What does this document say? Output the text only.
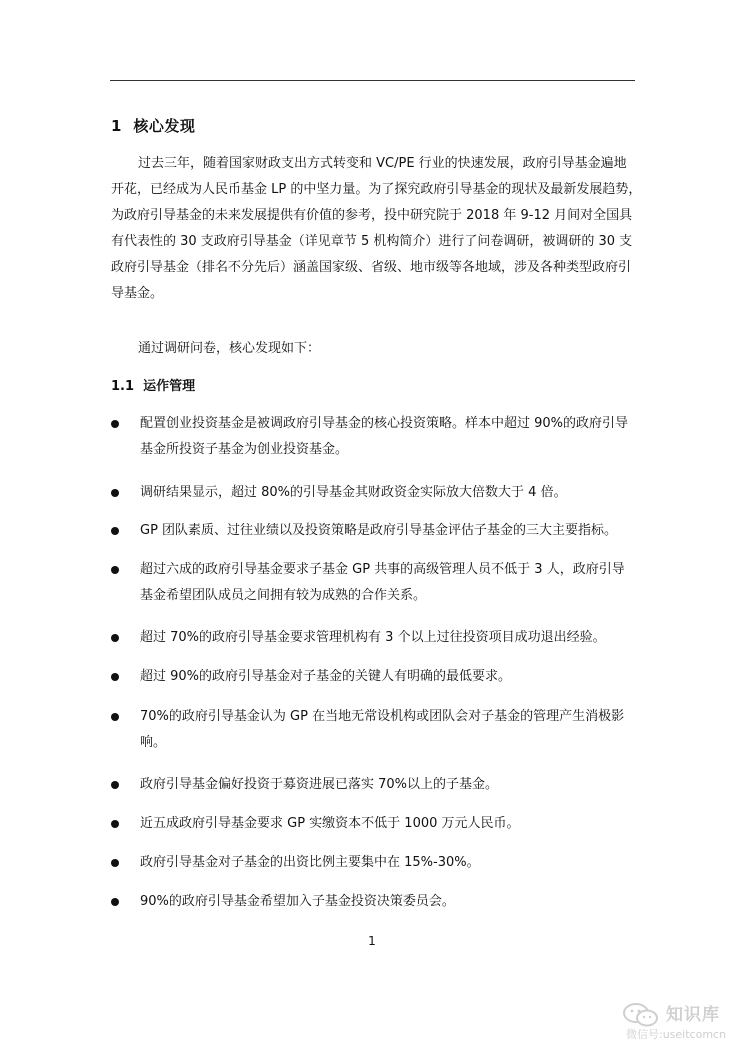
1 核心发现
过去三年，随着国家财政支出方式转变和 VC/PE 行业的快速发展，政府引导基金遍地
开花，已经成为人民币基金 LP 的中坚力量。为了探究政府引导基金的现状及最新发展趋势，
为政府引导基金的未来发展提供有价值的参考，投中研究院于 2018 年 9-12 月间对全国具
有代表性的 30 支政府引导基金（详见章节 5 机构简介）进行了问卷调研，被调研的 30 支
政府引导基金（排名不分先后）涵盖国家级、省级、地市级等各地域，涉及各种类型政府引
导基金。
通过调研问卷，核心发现如下：
1.1 运作管理
配置创业投资基金是被调政府引导基金的核心投资策略。样本中超过 90%的政府引导
基金所投资子基金为创业投资基金。
调研结果显示，超过 80%的引导基金其财政资金实际放大倍数大于 4 倍。
GP 团队素质、过往业绩以及投资策略是政府引导基金评估子基金的三大主要指标。
超过六成的政府引导基金要求子基金 GP 共事的高级管理人员不低于 3 人，政府引导
基金希望团队成员之间拥有较为成熟的合作关系。
超过 70%的政府引导基金要求管理机构有 3 个以上过往投资项目成功退出经验。
超过 90%的政府引导基金对子基金的关键人有明确的最低要求。
70%的政府引导基金认为 GP 在当地无常设机构或团队会对子基金的管理产生消极影
响。
政府引导基金偏好投资于募资进展已落实 70%以上的子基金。
近五成政府引导基金要求 GP 实缴资本不低于 1000 万元人民币。
政府引导基金对子基金的出资比例主要集中在 15%-30%。
90%的政府引导基金希望加入子基金投资决策委员会。
1
知识库
微信号:useitcomcn
